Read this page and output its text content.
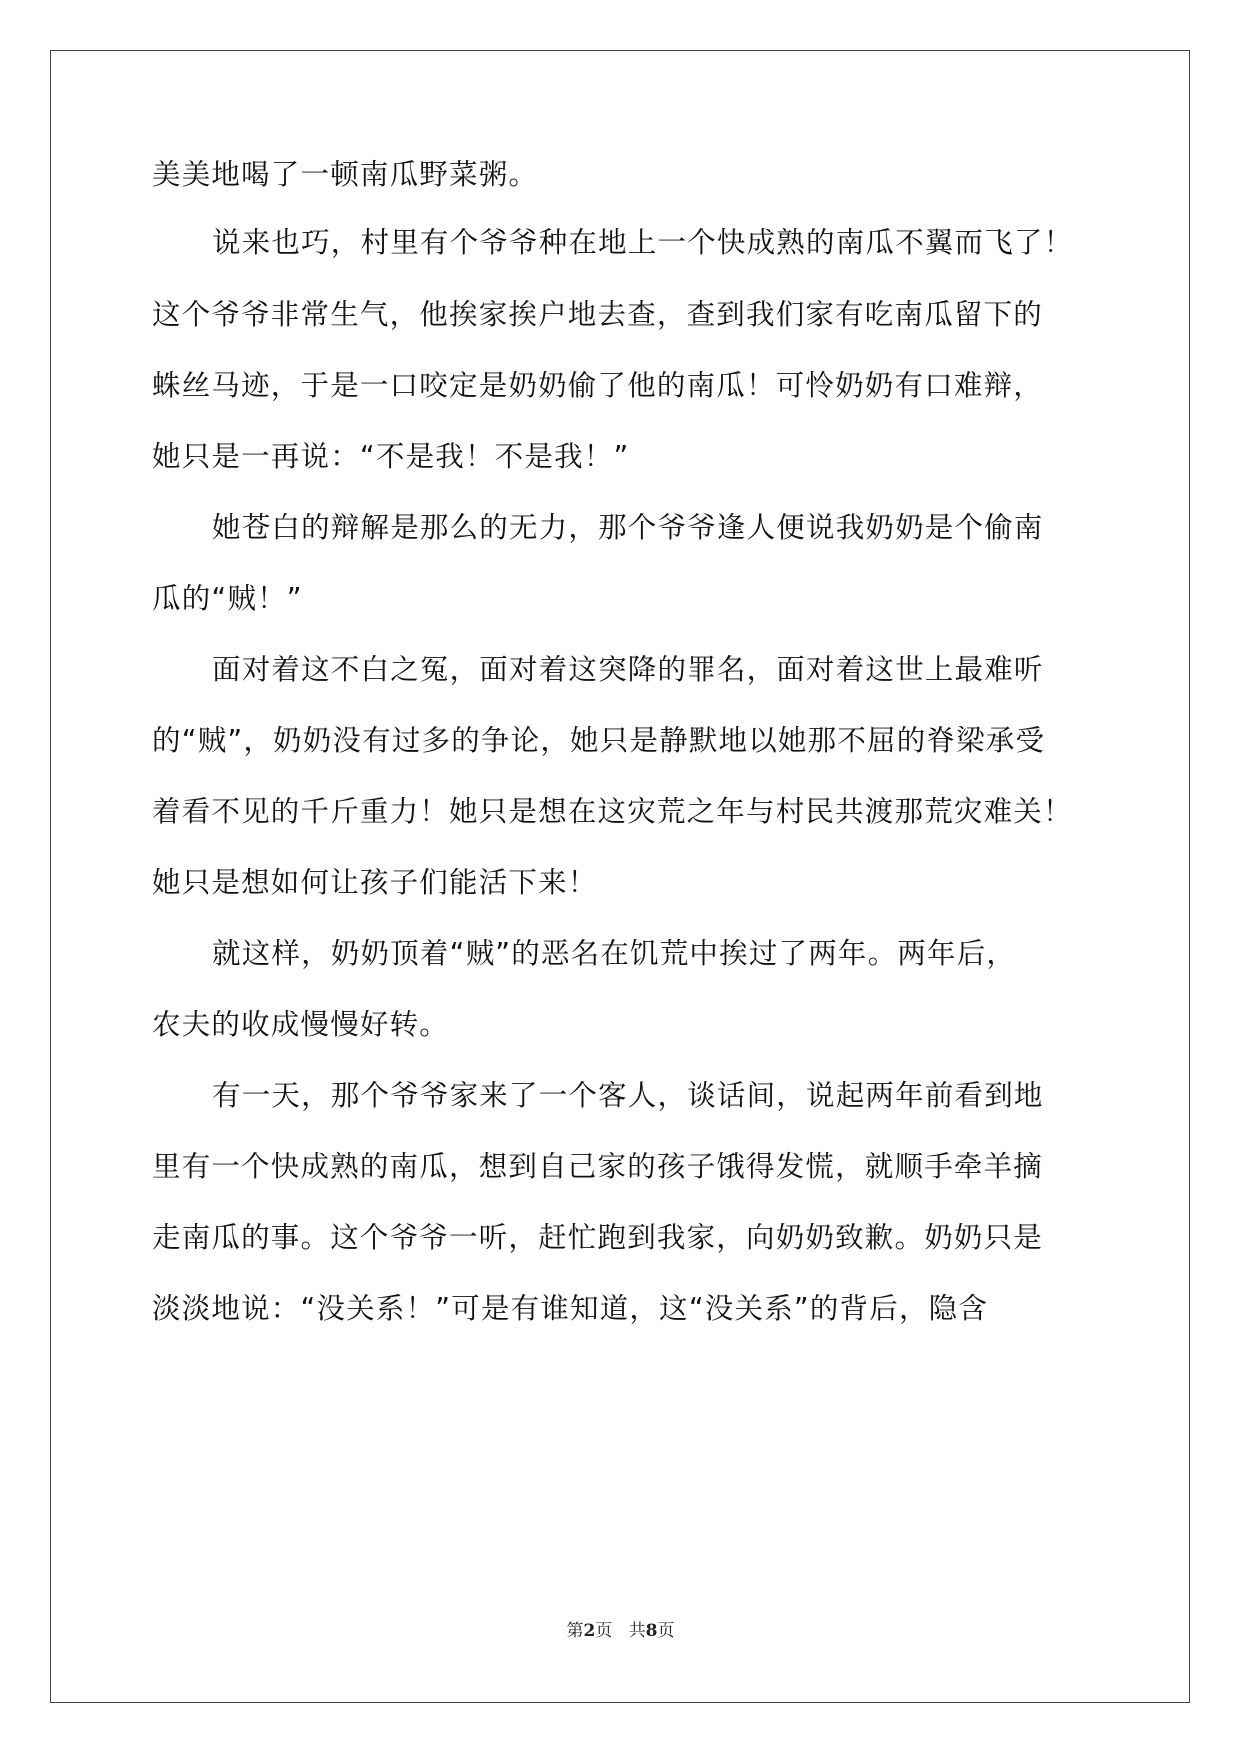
美美地喝了一顿南瓜野菜粥。
说来也巧，村里有个爷爷种在地上一个快成熟的南瓜不翼而飞了！
这个爷爷非常生气，他挨家挨户地去查，查到我们家有吃南瓜留下的
蛛丝马迹，于是一口咬定是奶奶偷了他的南瓜！可怜奶奶有口难辩，
她只是一再说：“不是我！不是我！”
她苍白的辩解是那么的无力，那个爷爷逢人便说我奶奶是个偷南
瓜的“贼！”
面对着这不白之冤，面对着这突降的罪名，面对着这世上最难听
的“贼”，奶奶没有过多的争论，她只是静默地以她那不屈的脊梁承受
着看不见的千斤重力！她只是想在这灾荒之年与村民共渡那荒灾难关！
她只是想如何让孩子们能活下来！
就这样，奶奶顶着“贼”的恶名在饥荒中挨过了两年。两年后，
农夫的收成慢慢好转。
有一天，那个爷爷家来了一个客人，谈话间，说起两年前看到地
里有一个快成熟的南瓜，想到自己家的孩子饿得发慌，就顺手牵羊摘
走南瓜的事。这个爷爷一听，赶忙跑到我家，向奶奶致歉。奶奶只是
淡淡地说：“没关系！”可是有谁知道，这“没关系”的背后，隐含
第2页 共8页
